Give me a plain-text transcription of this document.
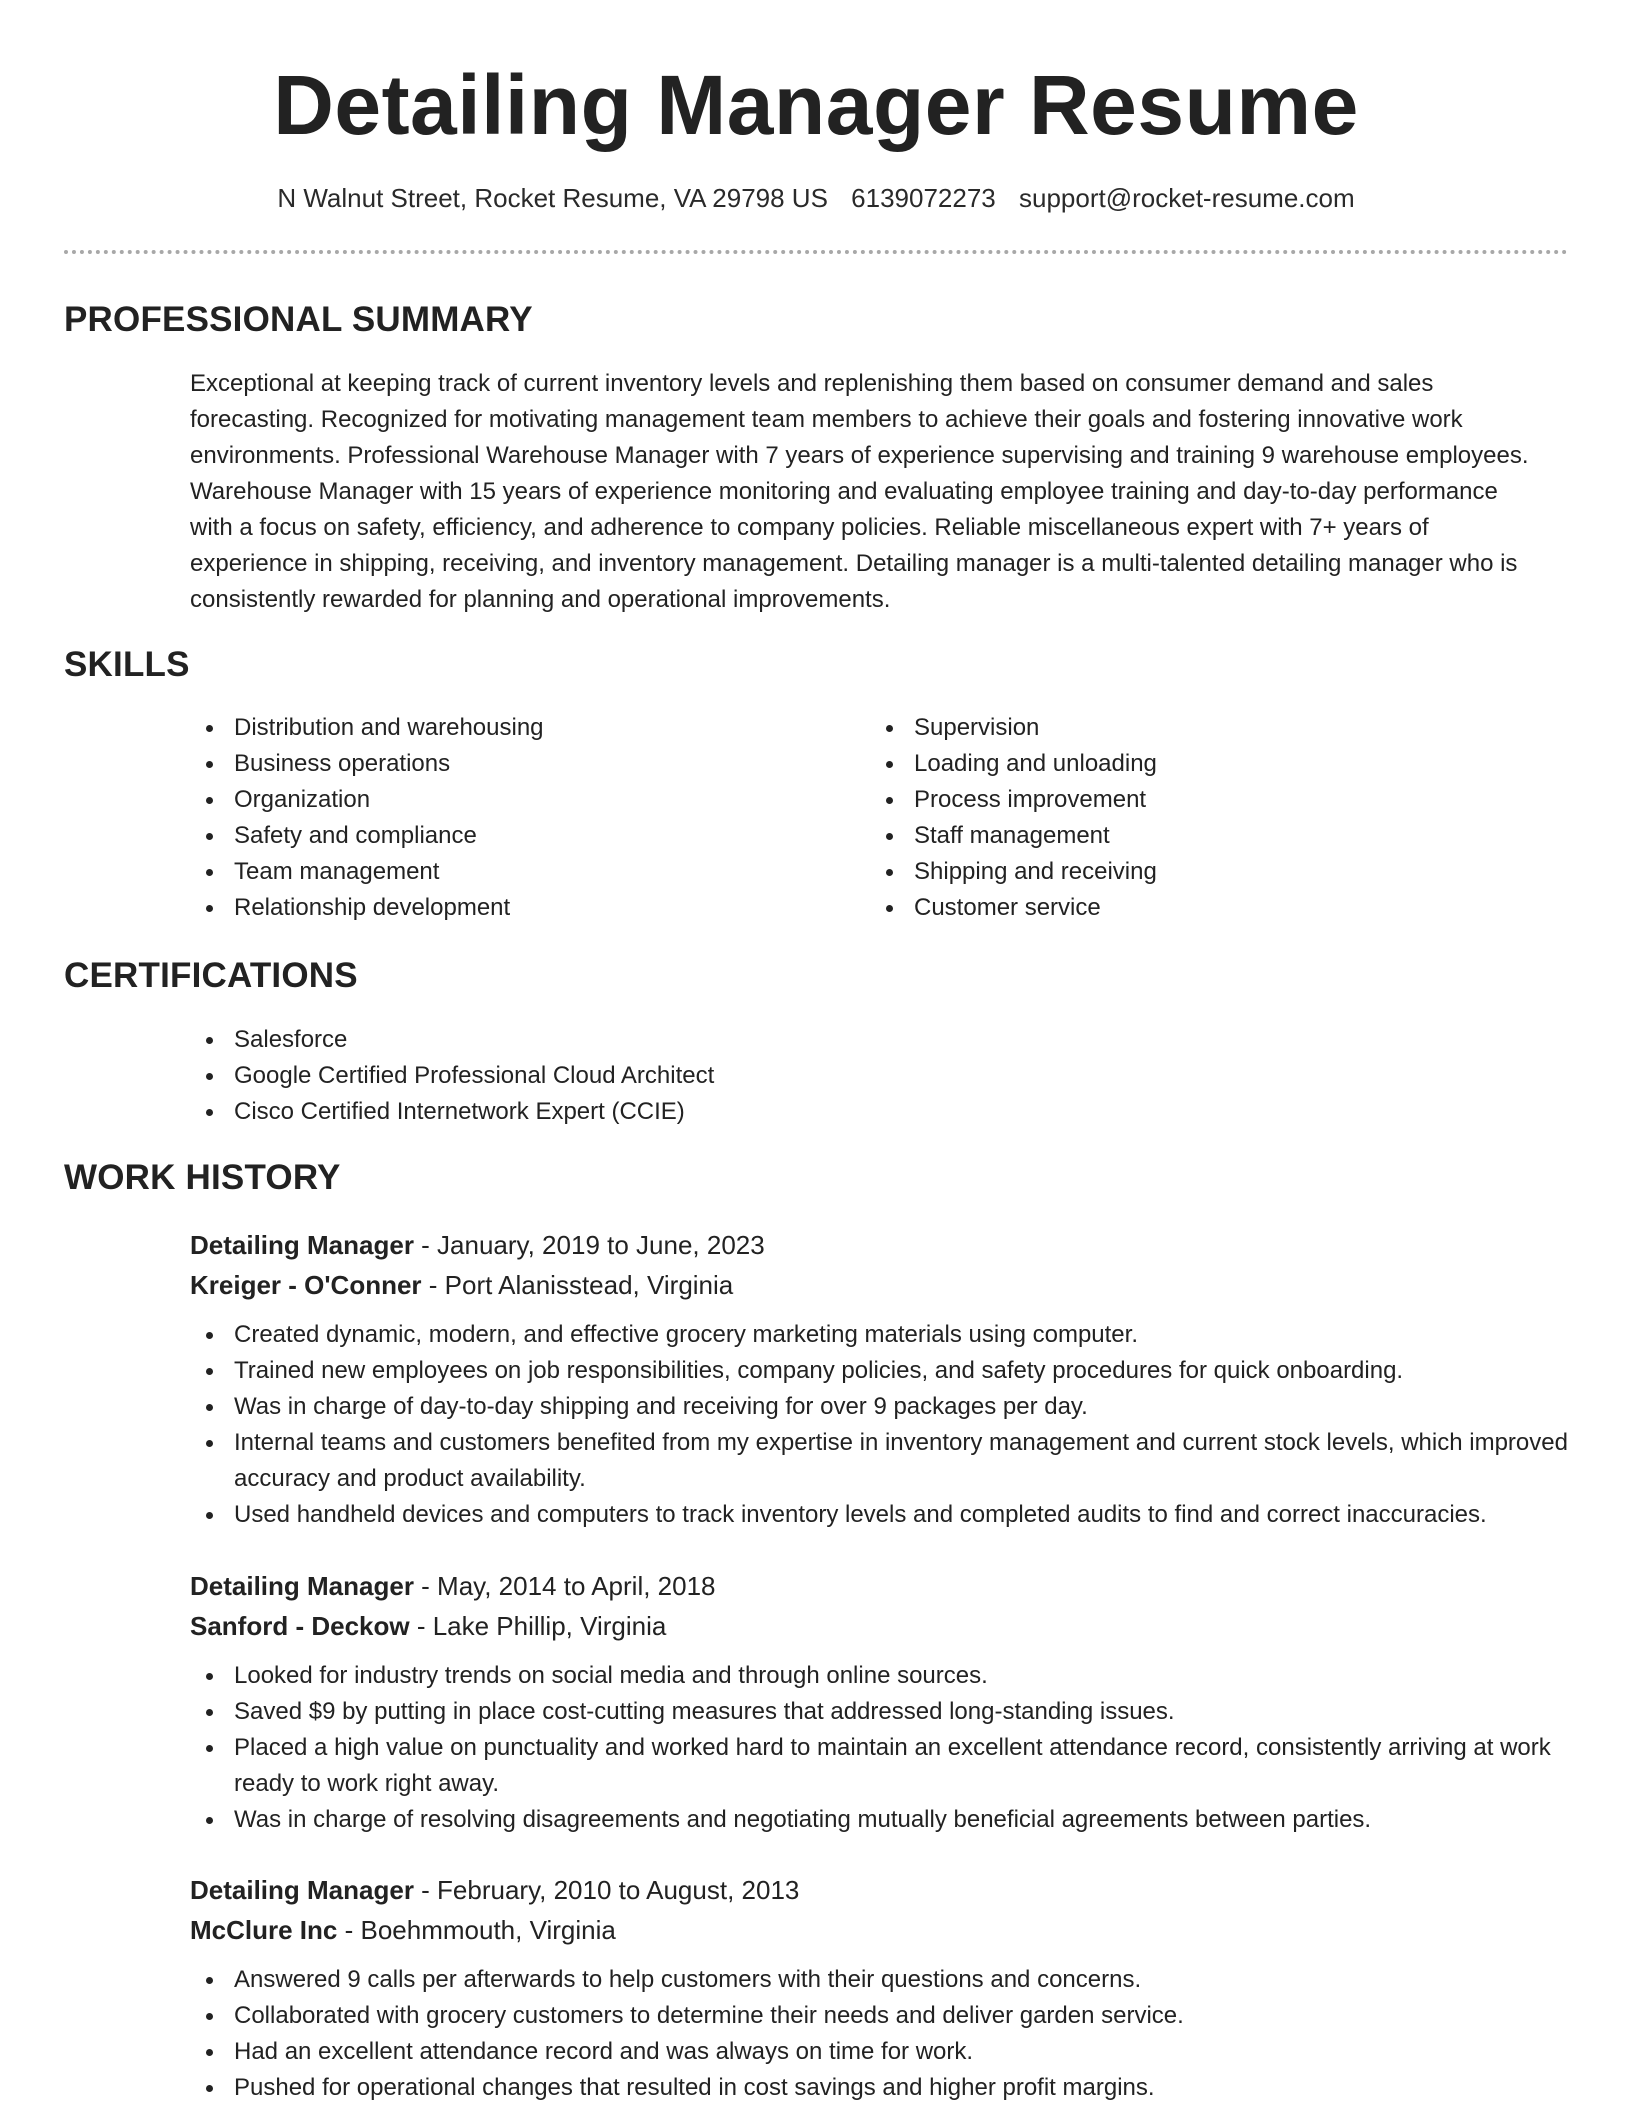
Detailing Manager Resume
N Walnut Street, Rocket Resume, VA 29798 US 6139072273 support@rocket-resume.com
PROFESSIONAL SUMMARY
Exceptional at keeping track of current inventory levels and replenishing them based on consumer demand and sales forecasting. Recognized for motivating management team members to achieve their goals and fostering innovative work environments. Professional Warehouse Manager with 7 years of experience supervising and training 9 warehouse employees. Warehouse Manager with 15 years of experience monitoring and evaluating employee training and day-to-day performance with a focus on safety, efficiency, and adherence to company policies. Reliable miscellaneous expert with 7+ years of experience in shipping, receiving, and inventory management. Detailing manager is a multi-talented detailing manager who is consistently rewarded for planning and operational improvements.
SKILLS
Distribution and warehousing
Business operations
Organization
Safety and compliance
Team management
Relationship development
Supervision
Loading and unloading
Process improvement
Staff management
Shipping and receiving
Customer service
CERTIFICATIONS
Salesforce
Google Certified Professional Cloud Architect
Cisco Certified Internetwork Expert (CCIE)
WORK HISTORY
Detailing Manager - January, 2019 to June, 2023
Kreiger - O'Conner - Port Alanisstead, Virginia
Created dynamic, modern, and effective grocery marketing materials using computer.
Trained new employees on job responsibilities, company policies, and safety procedures for quick onboarding.
Was in charge of day-to-day shipping and receiving for over 9 packages per day.
Internal teams and customers benefited from my expertise in inventory management and current stock levels, which improved accuracy and product availability.
Used handheld devices and computers to track inventory levels and completed audits to find and correct inaccuracies.
Detailing Manager - May, 2014 to April, 2018
Sanford - Deckow - Lake Phillip, Virginia
Looked for industry trends on social media and through online sources.
Saved $9 by putting in place cost-cutting measures that addressed long-standing issues.
Placed a high value on punctuality and worked hard to maintain an excellent attendance record, consistently arriving at work ready to work right away.
Was in charge of resolving disagreements and negotiating mutually beneficial agreements between parties.
Detailing Manager - February, 2010 to August, 2013
McClure Inc - Boehmmouth, Virginia
Answered 9 calls per afterwards to help customers with their questions and concerns.
Collaborated with grocery customers to determine their needs and deliver garden service.
Had an excellent attendance record and was always on time for work.
Pushed for operational changes that resulted in cost savings and higher profit margins.
